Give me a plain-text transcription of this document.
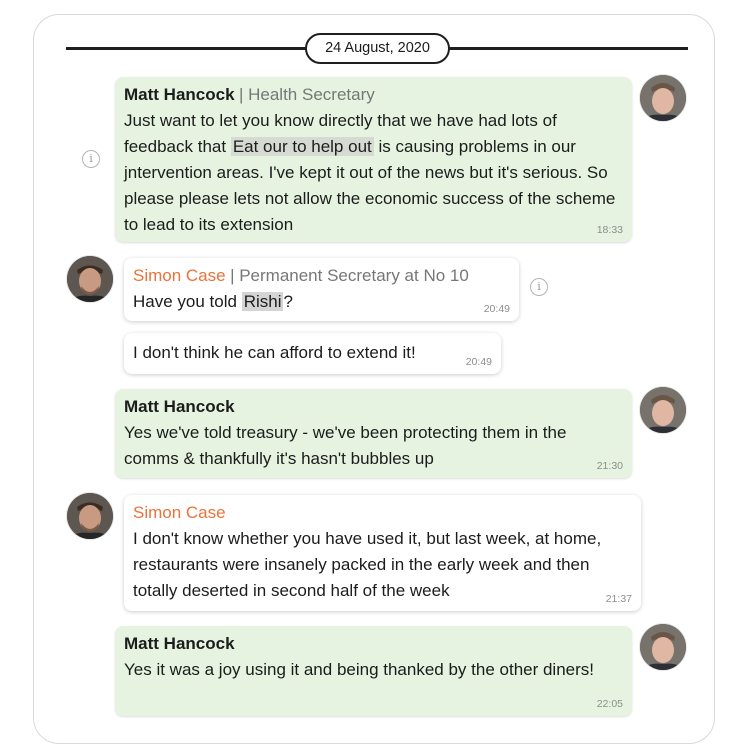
24 August, 2020
i
Matt Hancock | Health Secretary
Just want to let you know directly that we have had lots of feedback that Eat our to help out is causing problems in our jntervention areas. I've kept it out of the news but it's serious. So please please lets not allow the economic success of the scheme to lead to its extension	18:33
Simon Case | Permanent Secretary at No 10
Have you told Rishi ?	20:49
i
I don't think he can afford to extend it!	20:49
Matt Hancock
Yes we've told treasury - we've been protecting them in the comms & thankfully it's hasn't bubbles up	21:30
Simon Case
I don't know whether you have used it, but last week, at home, restaurants were insanely packed in the early week and then totally deserted in second half of the week	21:37
Matt Hancock
Yes it was a joy using it and being thanked by the other diners!
22:05
